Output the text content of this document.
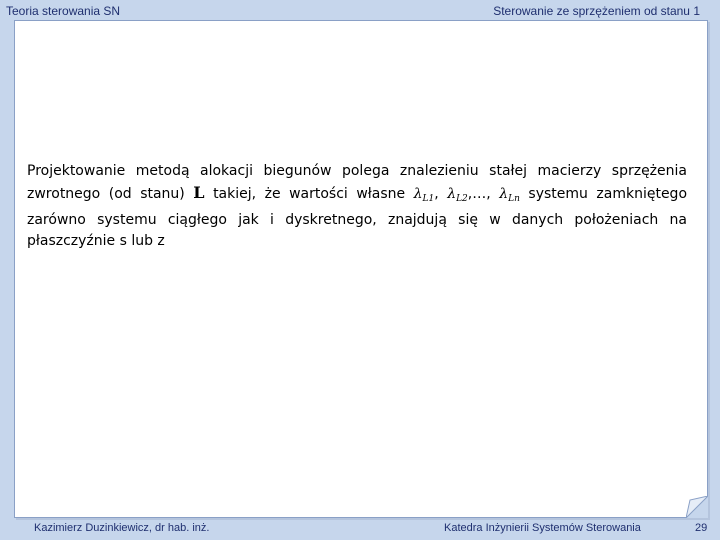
Teoria sterowania SN	Sterowanie ze sprzężeniem od stanu 1
Projektowanie metodą alokacji biegunów polega znalezieniu stałej macierzy sprzężenia zwrotnego (od stanu) L takiej, że wartości własne $\lambda_{L1}$, $\lambda_{L2},\dots$, $\lambda_{Ln}$ systemu zamkniętego zarówno systemu ciągłego jak i dyskretnego, znajdują się w danych położeniach na płaszczyźnie s lub z
Kazimierz Duzinkiewicz, dr hab. inż.	Katedra Inżynierii Systemów Sterowania	29
